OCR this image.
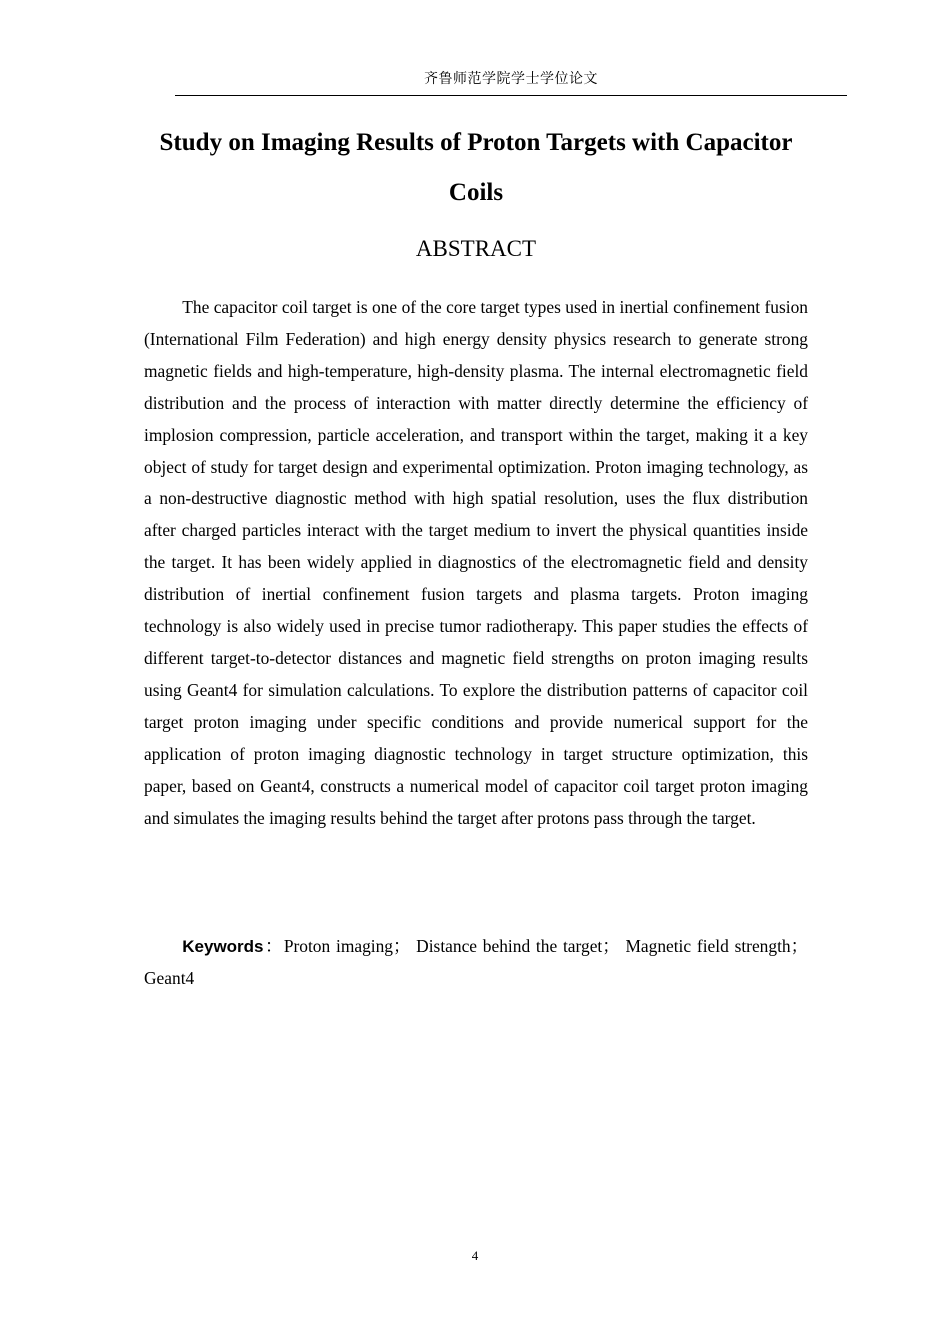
齐鲁师范学院学士学位论文
Study on Imaging Results of Proton Targets with Capacitor Coils
ABSTRACT

The capacitor coil target is one of the core target types used in inertial confinement fusion (International Film Federation) and high energy density physics research to generate strong magnetic fields and high-temperature, high-density plasma. The internal electromagnetic field distribution and the process of interaction with matter directly determine the efficiency of implosion compression, particle acceleration, and transport within the target, making it a key object of study for target design and experimental optimization. Proton imaging technology, as a non-destructive diagnostic method with high spatial resolution, uses the flux distribution after charged particles interact with the target medium to invert the physical quantities inside the target. It has been widely applied in diagnostics of the electromagnetic field and density distribution of inertial confinement fusion targets and plasma targets. Proton imaging technology is also widely used in precise tumor radiotherapy. This paper studies the effects of different target-to-detector distances and magnetic field strengths on proton imaging results using Geant4 for simulation calculations. To explore the distribution patterns of capacitor coil target proton imaging under specific conditions and provide numerical support for the application of proton imaging diagnostic technology in target structure optimization, this paper, based on Geant4, constructs a numerical model of capacitor coil target proton imaging and simulates the imaging results behind the target after protons pass through the target.

Keywords：Proton imaging； Distance behind the target； Magnetic field strength；Geant4

4
